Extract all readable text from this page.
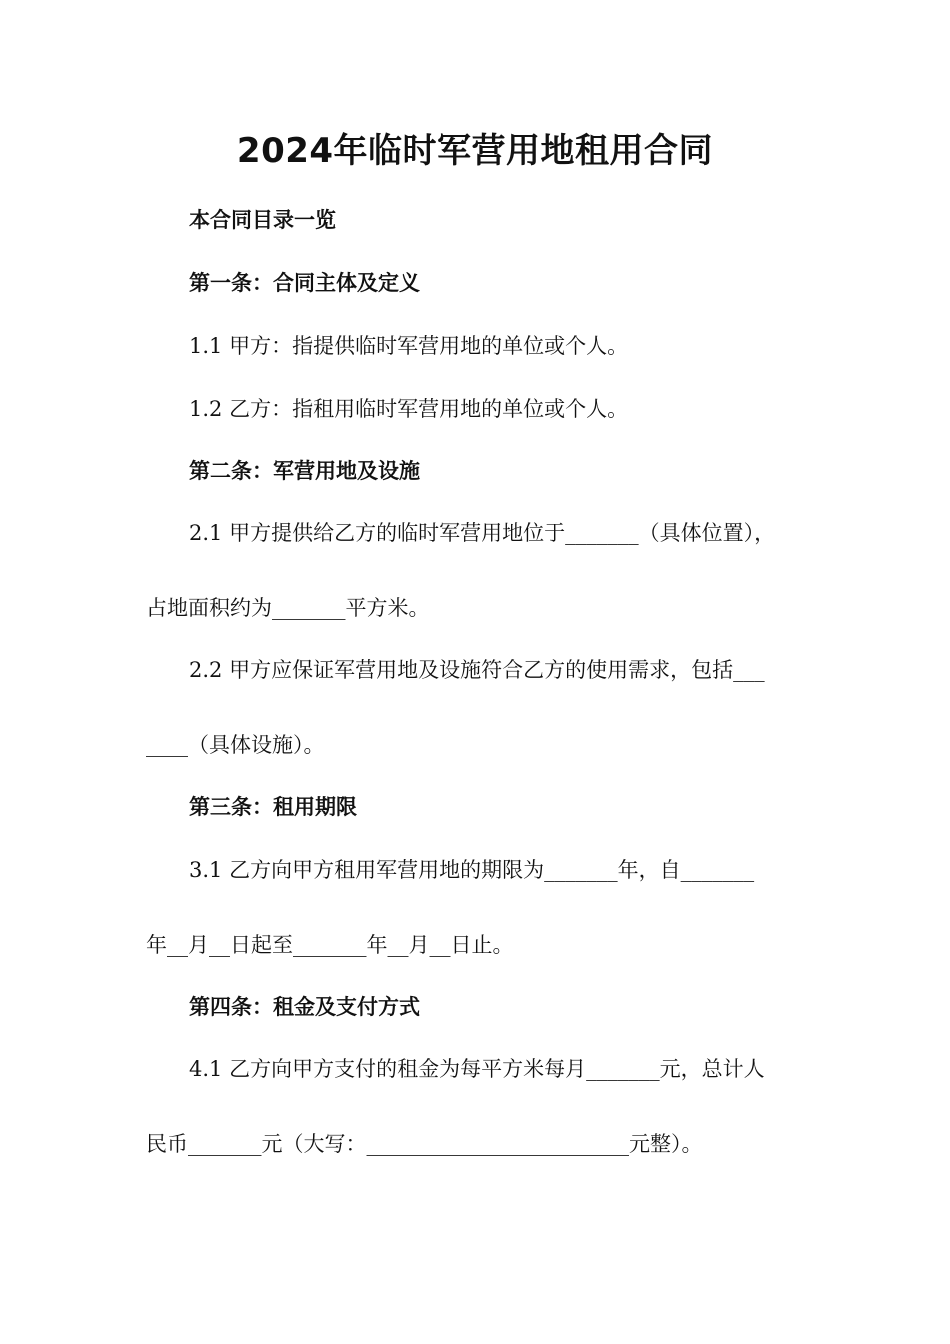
2024年临时军营用地租用合同
本合同目录一览
第一条：合同主体及定义
1.1 甲方：指提供临时军营用地的单位或个人。
1.2 乙方：指租用临时军营用地的单位或个人。
第二条：军营用地及设施
2.1 甲方提供给乙方的临时军营用地位于_______（具体位置），
占地面积约为_______平方米。
2.2 甲方应保证军营用地及设施符合乙方的使用需求，包括___
____（具体设施）。
第三条：租用期限
3.1 乙方向甲方租用军营用地的期限为_______年，自_______
年__月__日起至_______年__月__日止。
第四条：租金及支付方式
4.1 乙方向甲方支付的租金为每平方米每月_______元，总计人
民币_______元（大写：_________________________元整）。
